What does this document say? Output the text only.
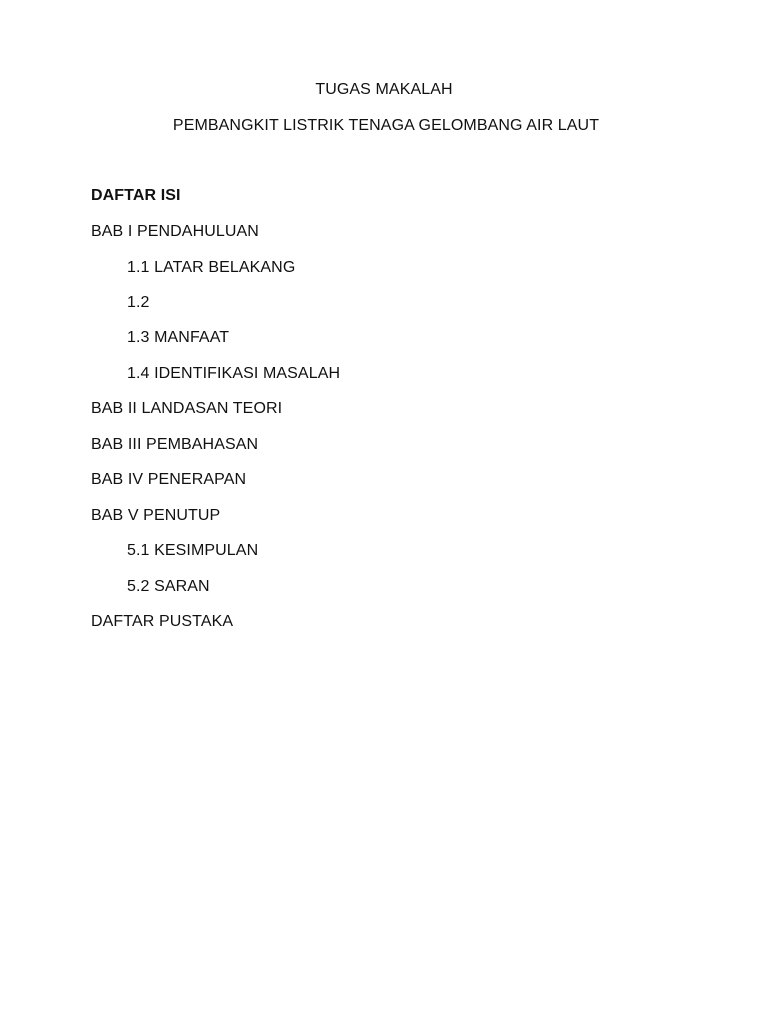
TUGAS MAKALAH
PEMBANGKIT LISTRIK TENAGA GELOMBANG AIR LAUT
DAFTAR ISI
BAB I PENDAHULUAN
1.1 LATAR BELAKANG
1.2
1.3 MANFAAT
1.4 IDENTIFIKASI MASALAH
BAB II LANDASAN TEORI
BAB III PEMBAHASAN
BAB IV PENERAPAN
BAB V PENUTUP
5.1 KESIMPULAN
5.2 SARAN
DAFTAR PUSTAKA
